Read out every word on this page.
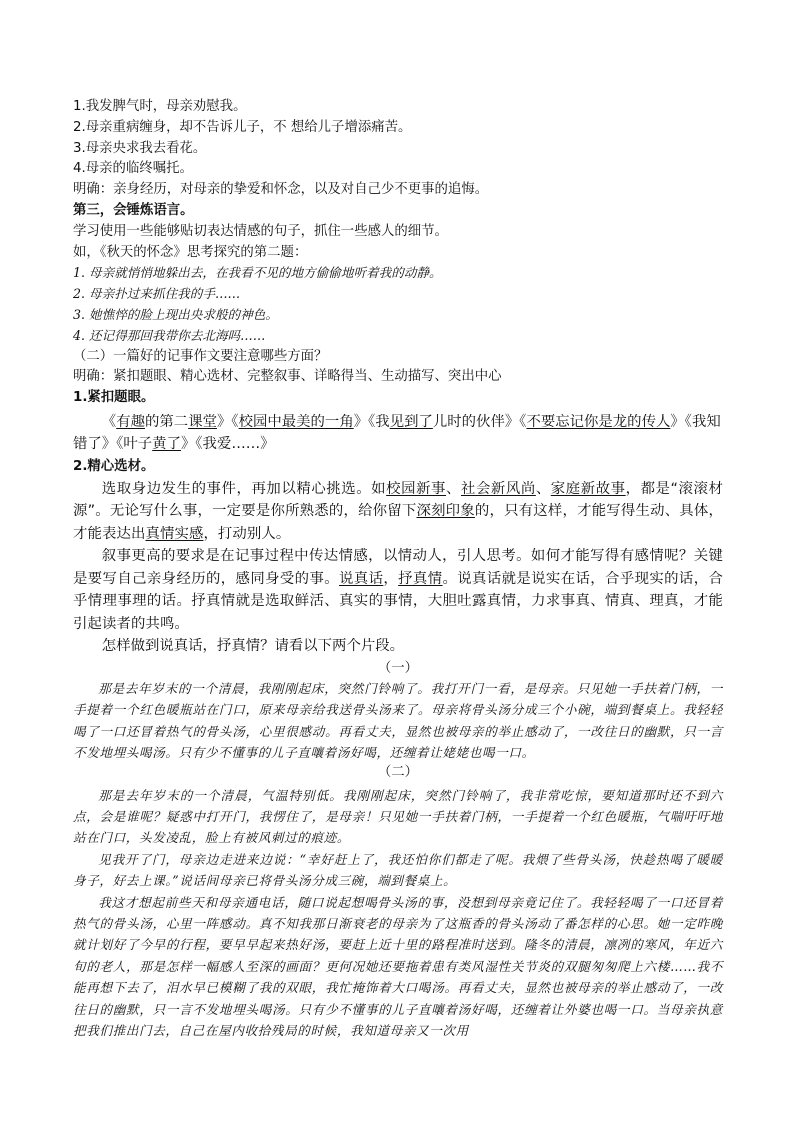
1.我发脾气时，母亲劝慰我。

2.母亲重病缠身，却不告诉儿子，不 想给儿子增添痛苦。

3.母亲央求我去看花。

4.母亲的临终嘱托。

明确：亲身经历，对母亲的挚爱和怀念，以及对自己少不更事的追悔。

第三，会锤炼语言。

学习使用一些能够贴切表达情感的句子，抓住一些感人的细节。

如，《秋天的怀念》思考探究的第二题：

1. 母亲就悄悄地躲出去，在我看不见的地方偷偷地听着我的动静。

2. 母亲扑过来抓住我的手……

3. 她憔悴的脸上现出央求般的神色。

4. 还记得那回我带你去北海吗……

（二）一篇好的记事作文要注意哪些方面？

明确：紧扣题眼、精心选材、完整叙事、详略得当、生动描写、突出中心

1.紧扣题眼。

《有趣的第二课堂》《校园中最美的一角》《我见到了儿时的伙伴》《不要忘记你是龙的传人》《我知

错了》《叶子黄了》《我爱……》

2.精心选材。

选取身边发生的事件，再加以精心挑选。如校园新事、社会新风尚、家庭新故事，都是“滚滚材源”。无论写什么事，一定要是你所熟悉的，给你留下深刻印象的，只有这样，才能写得生动、具体，才能表达出真情实感，打动别人。

叙事更高的要求是在记事过程中传达情感，以情动人，引人思考。如何才能写得有感情呢？关键是要写自己亲身经历的，感同身受的事。说真话，抒真情。说真话就是说实在话，合乎现实的话，合乎情理事理的话。抒真情就是选取鲜活、真实的事情，大胆吐露真情，力求事真、情真、理真，才能引起读者的共鸣。

怎样做到说真话，抒真情？请看以下两个片段。

（一）

那是去年岁末的一个清晨，我刚刚起床，突然门铃响了。我打开门一看，是母亲。只见她一手扶着门柄，一手提着一个红色暖瓶站在门口，原来母亲给我送骨头汤来了。母亲将骨头汤分成三个小碗，端到餐桌上。我轻轻喝了一口还冒着热气的骨头汤，心里很感动。再看丈夫，显然也被母亲的举止感动了，一改往日的幽默，只一言不发地埋头喝汤。只有少不懂事的儿子直嚷着汤好喝，还缠着让姥姥也喝一口。

（二）

那是去年岁末的一个清晨，气温特别低。我刚刚起床，突然门铃响了，我非常吃惊，要知道那时还不到六点，会是谁呢？疑惑中打开门，我愣住了，是母亲！只见她一手扶着门柄，一手提着一个红色暖瓶，气喘吁吁地站在门口，头发凌乱，脸上有被风刺过的痕迹。

见我开了门，母亲边走进来边说：“幸好赶上了，我还怕你们都走了呢。我煨了些骨头汤，快趁热喝了暖暖身子，好去上课。”说话间母亲已将骨头汤分成三碗，端到餐桌上。

我这才想起前些天和母亲通电话，随口说起想喝骨头汤的事，没想到母亲竟记住了。我轻轻喝了一口还冒着热气的骨头汤，心里一阵感动。真不知我那日渐衰老的母亲为了这瓶香的骨头汤动了番怎样的心思。她一定昨晚就计划好了今早的行程，要早早起来热好汤，要赶上近十里的路程准时送到。隆冬的清晨，凛冽的寒风，年近六旬的老人，那是怎样一幅感人至深的画面？更何况她还要拖着患有类风湿性关节炎的双腿匆匆爬上六楼……我不能再想下去了，泪水早已模糊了我的双眼，我忙掩饰着大口喝汤。再看丈夫，显然也被母亲的举止感动了，一改往日的幽默，只一言不发地埋头喝汤。只有少不懂事的儿子直嚷着汤好喝，还缠着让外婆也喝一口。当母亲执意把我们推出门去，自己在屋内收拾残局的时候，我知道母亲又一次用
